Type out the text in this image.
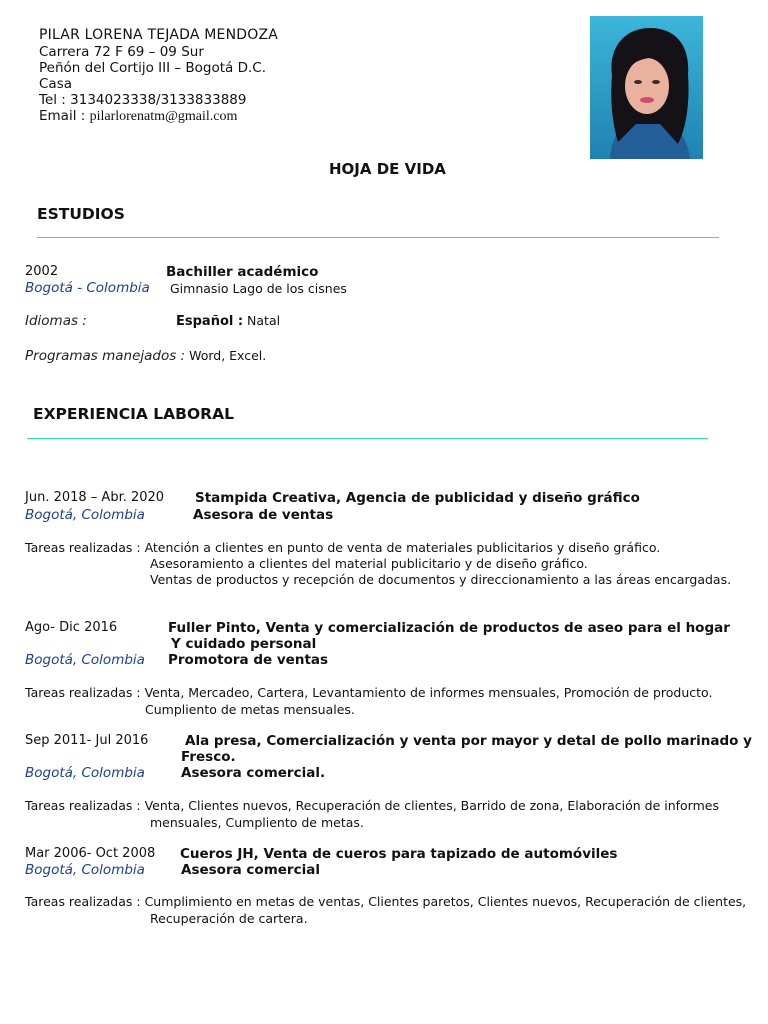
PILAR LORENA TEJADA MENDOZA
Carrera 72 F 69 – 09 Sur
Peñón del Cortijo III – Bogotá D.C.
Casa
Tel : 3134023338/3133833889
Email : pilarlorenatm@gmail.com
HOJA DE VIDA
ESTUDIOS
2002	Bachiller académico
Bogotá - Colombia Gimnasio Lago de los cisnes
Idiomas :	Español : Natal
Programas manejados : Word, Excel.
EXPERIENCIA LABORAL
Jun. 2018 – Abr. 2020 Stampida Creativa, Agencia de publicidad y diseño gráfico
Bogotá, Colombia	Asesora de ventas
Tareas realizadas : Atención a clientes en punto de venta de materiales publicitarios y diseño gráfico.
Asesoramiento a clientes del material publicitario y de diseño gráfico.
Ventas de productos y recepción de documentos y direccionamiento a las áreas encargadas.
Ago- Dic 2016	Fuller Pinto, Venta y comercialización de productos de aseo para el hogar
Y cuidado personal
Bogotá, Colombia Promotora de ventas
Tareas realizadas : Venta, Mercadeo, Cartera, Levantamiento de informes mensuales, Promoción de producto.
Cumpliento de metas mensuales.
Sep 2011- Jul 2016	Ala presa, Comercialización y venta por mayor y detal de pollo marinado y
Fresco.
Bogotá, Colombia	Asesora comercial.
Tareas realizadas : Venta, Clientes nuevos, Recuperación de clientes, Barrido de zona, Elaboración de informes
mensuales, Cumpliento de metas.
Mar 2006- Oct 2008 Cueros JH, Venta de cueros para tapizado de automóviles
Bogotá, Colombia	Asesora comercial
Tareas realizadas : Cumplimiento en metas de ventas, Clientes paretos, Clientes nuevos, Recuperación de clientes,
Recuperación de cartera.
